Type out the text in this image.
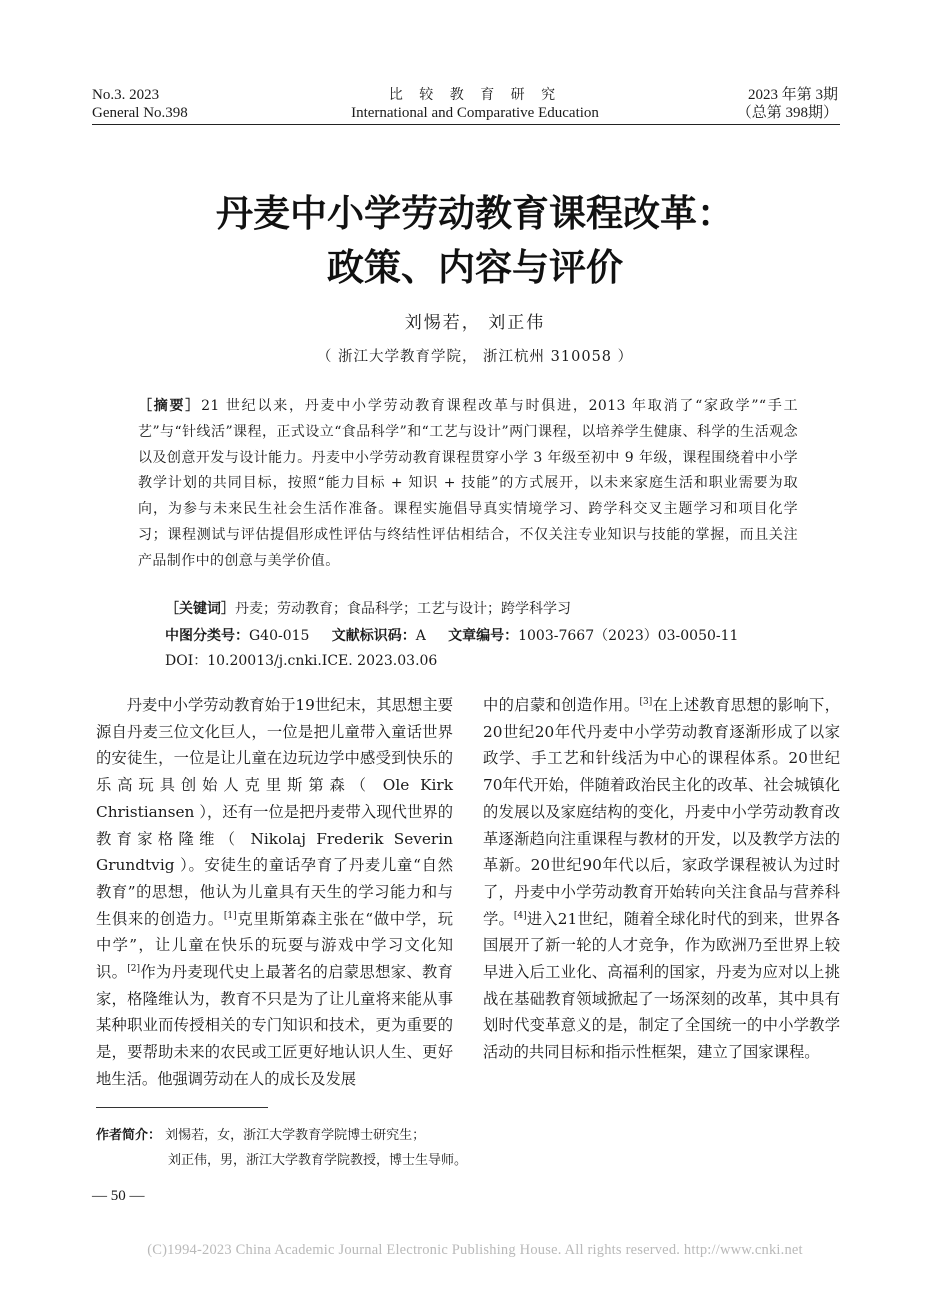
No.3. 2023
General No.398
比 较 教 育 研 究
International and Comparative Education
2023 年第 3期
（总第 398期）
丹麦中小学劳动教育课程改革：
政策、内容与评价
刘惕若， 刘正伟
（ 浙江大学教育学院， 浙江杭州 310058 ）
［摘要］21 世纪以来，丹麦中小学劳动教育课程改革与时俱进，2013 年取消了“家政学”“手工艺”与“针线活”课程，正式设立“食品科学”和“工艺与设计”两门课程，以培养学生健康、科学的生活观念以及创意开发与设计能力。丹麦中小学劳动教育课程贯穿小学 3 年级至初中 9 年级，课程围绕着中小学教学计划的共同目标，按照“能力目标 + 知识 + 技能”的方式展开，以未来家庭生活和职业需要为取向，为参与未来民生社会生活作准备。课程实施倡导真实情境学习、跨学科交叉主题学习和项目化学习；课程测试与评估提倡形成性评估与终结性评估相结合，不仅关注专业知识与技能的掌握，而且关注产品制作中的创意与美学价值。
［关键词］丹麦；劳动教育；食品科学；工艺与设计；跨学科学习
中图分类号：G40-015 文献标识码：A 文章编号：1003-7667（2023）03-0050-11
DOI：10.20013/j.cnki.ICE. 2023.03.06

丹麦中小学劳动教育始于19世纪末，其思想主要源自丹麦三位文化巨人，一位是把儿童带入童话世界的安徒生，一位是让儿童在边玩边学中感受到快乐的乐高玩具创始人克里斯第森（ Ole Kirk Christiansen ），还有一位是把丹麦带入现代世界的教育家格隆维（ Nikolaj Frederik Severin Grundtvig ）。安徒生的童话孕育了丹麦儿童“自然教育”的思想，他认为儿童具有天生的学习能力和与生俱来的创造力。[1]克里斯第森主张在“做中学，玩中学”，让儿童在快乐的玩耍与游戏中学习文化知识。[2]作为丹麦现代史上最著名的启蒙思想家、教育家，格隆维认为，教育不只是为了让儿童将来能从事某种职业而传授相关的专门知识和技术，更为重要的是，要帮助未来的农民或工匠更好地认识人生、更好地生活。他强调劳动在人的成长及发展

中的启蒙和创造作用。[3]在上述教育思想的影响下，20世纪20年代丹麦中小学劳动教育逐渐形成了以家政学、手工艺和针线活为中心的课程体系。20世纪70年代开始，伴随着政治民主化的改革、社会城镇化的发展以及家庭结构的变化，丹麦中小学劳动教育改革逐渐趋向注重课程与教材的开发，以及教学方法的革新。20世纪90年代以后，家政学课程被认为过时了，丹麦中小学劳动教育开始转向关注食品与营养科学。[4]进入21世纪，随着全球化时代的到来，世界各国展开了新一轮的人才竞争，作为欧洲乃至世界上较早进入后工业化、高福利的国家，丹麦为应对以上挑战在基础教育领域掀起了一场深刻的改革，其中具有划时代变革意义的是，制定了全国统一的中小学教学活动的共同目标和指示性框架，建立了国家课程。

作者简介： 刘惕若，女，浙江大学教育学院博士研究生；
刘正伟，男，浙江大学教育学院教授，博士生导师。
— 50 —
(C)1994-2023 China Academic Journal Electronic Publishing House. All rights reserved. http://www.cnki.net
